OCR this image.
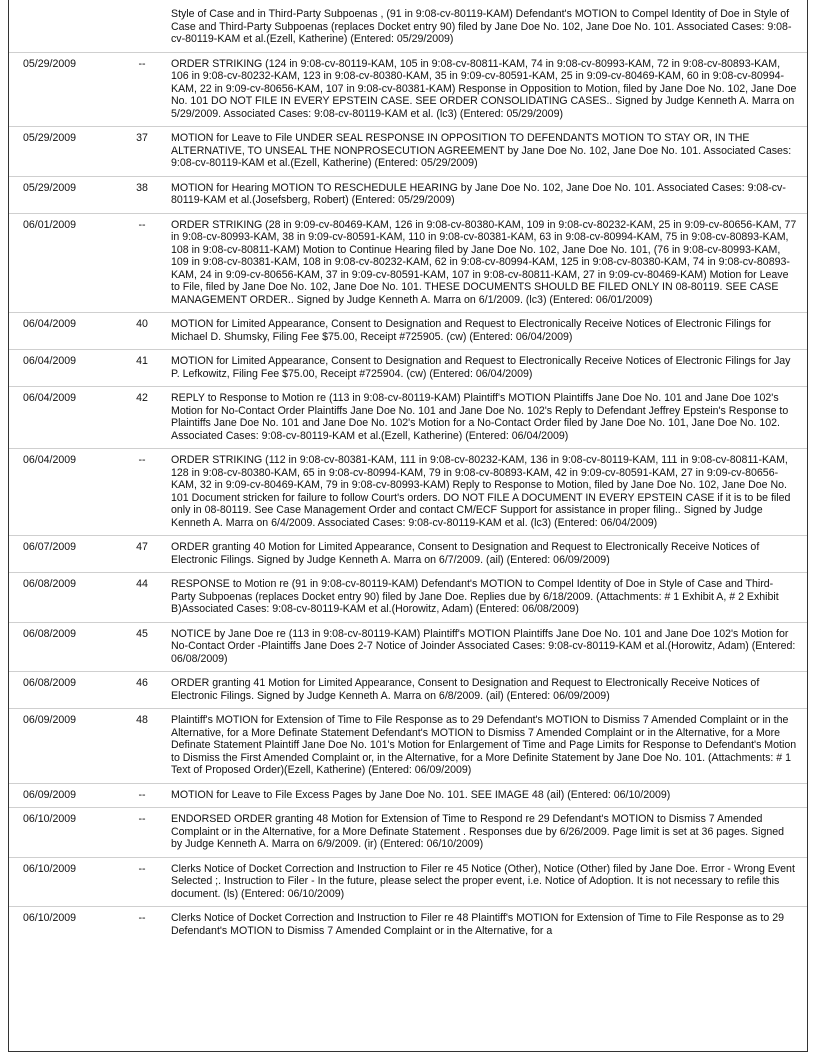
		Style of Case and in Third-Party Subpoenas , (91 in 9:08-cv-80119-KAM) Defendant's MOTION to Compel Identity of Doe in Style of Case and Third-Party Subpoenas (replaces Docket entry 90) filed by Jane Doe No. 102, Jane Doe No. 101. Associated Cases: 9:08-cv-80119-KAM et al.(Ezell, Katherine) (Entered: 05/29/2009)
05/29/2009	--	ORDER STRIKING (124 in 9:08-cv-80119-KAM, 105 in 9:08-cv-80811-KAM, 74 in 9:08-cv-80993-KAM, 72 in 9:08-cv-80893-KAM, 106 in 9:08-cv-80232-KAM, 123 in 9:08-cv-80380-KAM, 35 in 9:09-cv-80591-KAM, 25 in 9:09-cv-80469-KAM, 60 in 9:08-cv-80994-KAM, 22 in 9:09-cv-80656-KAM, 107 in 9:08-cv-80381-KAM) Response in Opposition to Motion, filed by Jane Doe No. 102, Jane Doe No. 101 DO NOT FILE IN EVERY EPSTEIN CASE. SEE ORDER CONSOLIDATING CASES.. Signed by Judge Kenneth A. Marra on 5/29/2009. Associated Cases: 9:08-cv-80119-KAM et al. (lc3) (Entered: 05/29/2009)
05/29/2009	37	MOTION for Leave to File UNDER SEAL RESPONSE IN OPPOSITION TO DEFENDANTS MOTION TO STAY OR, IN THE ALTERNATIVE, TO UNSEAL THE NONPROSECUTION AGREEMENT by Jane Doe No. 102, Jane Doe No. 101. Associated Cases: 9:08-cv-80119-KAM et al.(Ezell, Katherine) (Entered: 05/29/2009)
05/29/2009	38	MOTION for Hearing MOTION TO RESCHEDULE HEARING by Jane Doe No. 102, Jane Doe No. 101. Associated Cases: 9:08-cv-80119-KAM et al.(Josefsberg, Robert) (Entered: 05/29/2009)
06/01/2009	--	ORDER STRIKING (28 in 9:09-cv-80469-KAM, 126 in 9:08-cv-80380-KAM, 109 in 9:08-cv-80232-KAM, 25 in 9:09-cv-80656-KAM, 77 in 9:08-cv-80993-KAM, 38 in 9:09-cv-80591-KAM, 110 in 9:08-cv-80381-KAM, 63 in 9:08-cv-80994-KAM, 75 in 9:08-cv-80893-KAM, 108 in 9:08-cv-80811-KAM) Motion to Continue Hearing filed by Jane Doe No. 102, Jane Doe No. 101, (76 in 9:08-cv-80993-KAM, 109 in 9:08-cv-80381-KAM, 108 in 9:08-cv-80232-KAM, 62 in 9:08-cv-80994-KAM, 125 in 9:08-cv-80380-KAM, 74 in 9:08-cv-80893-KAM, 24 in 9:09-cv-80656-KAM, 37 in 9:09-cv-80591-KAM, 107 in 9:08-cv-80811-KAM, 27 in 9:09-cv-80469-KAM) Motion for Leave to File, filed by Jane Doe No. 102, Jane Doe No. 101. THESE DOCUMENTS SHOULD BE FILED ONLY IN 08-80119. SEE CASE MANAGEMENT ORDER.. Signed by Judge Kenneth A. Marra on 6/1/2009. (lc3) (Entered: 06/01/2009)
06/04/2009	40	MOTION for Limited Appearance, Consent to Designation and Request to Electronically Receive Notices of Electronic Filings for Michael D. Shumsky, Filing Fee $75.00, Receipt #725905. (cw) (Entered: 06/04/2009)
06/04/2009	41	MOTION for Limited Appearance, Consent to Designation and Request to Electronically Receive Notices of Electronic Filings for Jay P. Lefkowitz, Filing Fee $75.00, Receipt #725904. (cw) (Entered: 06/04/2009)
06/04/2009	42	REPLY to Response to Motion re (113 in 9:08-cv-80119-KAM) Plaintiff's MOTION Plaintiffs Jane Doe No. 101 and Jane Doe 102's Motion for No-Contact Order Plaintiffs Jane Doe No. 101 and Jane Doe No. 102's Reply to Defendant Jeffrey Epstein's Response to Plaintiffs Jane Doe No. 101 and Jane Doe No. 102's Motion for a No-Contact Order filed by Jane Doe No. 101, Jane Doe No. 102. Associated Cases: 9:08-cv-80119-KAM et al.(Ezell, Katherine) (Entered: 06/04/2009)
06/04/2009	--	ORDER STRIKING (112 in 9:08-cv-80381-KAM, 111 in 9:08-cv-80232-KAM, 136 in 9:08-cv-80119-KAM, 111 in 9:08-cv-80811-KAM, 128 in 9:08-cv-80380-KAM, 65 in 9:08-cv-80994-KAM, 79 in 9:08-cv-80893-KAM, 42 in 9:09-cv-80591-KAM, 27 in 9:09-cv-80656-KAM, 32 in 9:09-cv-80469-KAM, 79 in 9:08-cv-80993-KAM) Reply to Response to Motion, filed by Jane Doe No. 102, Jane Doe No. 101 Document stricken for failure to follow Court's orders. DO NOT FILE A DOCUMENT IN EVERY EPSTEIN CASE if it is to be filed only in 08-80119. See Case Management Order and contact CM/ECF Support for assistance in proper filing.. Signed by Judge Kenneth A. Marra on 6/4/2009. Associated Cases: 9:08-cv-80119-KAM et al. (lc3) (Entered: 06/04/2009)
06/07/2009	47	ORDER granting 40 Motion for Limited Appearance, Consent to Designation and Request to Electronically Receive Notices of Electronic Filings. Signed by Judge Kenneth A. Marra on 6/7/2009. (ail) (Entered: 06/09/2009)
06/08/2009	44	RESPONSE to Motion re (91 in 9:08-cv-80119-KAM) Defendant's MOTION to Compel Identity of Doe in Style of Case and Third-Party Subpoenas (replaces Docket entry 90) filed by Jane Doe. Replies due by 6/18/2009. (Attachments: # 1 Exhibit A, # 2 Exhibit B)Associated Cases: 9:08-cv-80119-KAM et al.(Horowitz, Adam) (Entered: 06/08/2009)
06/08/2009	45	NOTICE by Jane Doe re (113 in 9:08-cv-80119-KAM) Plaintiff's MOTION Plaintiffs Jane Doe No. 101 and Jane Doe 102's Motion for No-Contact Order -Plaintiffs Jane Does 2-7 Notice of Joinder Associated Cases: 9:08-cv-80119-KAM et al.(Horowitz, Adam) (Entered: 06/08/2009)
06/08/2009	46	ORDER granting 41 Motion for Limited Appearance, Consent to Designation and Request to Electronically Receive Notices of Electronic Filings. Signed by Judge Kenneth A. Marra on 6/8/2009. (ail) (Entered: 06/09/2009)
06/09/2009	48	Plaintiff's MOTION for Extension of Time to File Response as to 29 Defendant's MOTION to Dismiss 7 Amended Complaint or in the Alternative, for a More Definate Statement Defendant's MOTION to Dismiss 7 Amended Complaint or in the Alternative, for a More Definate Statement Plaintiff Jane Doe No. 101's Motion for Enlargement of Time and Page Limits for Response to Defendant's Motion to Dismiss the First Amended Complaint or, in the Alternative, for a More Definite Statement by Jane Doe No. 101. (Attachments: # 1 Text of Proposed Order)(Ezell, Katherine) (Entered: 06/09/2009)
06/09/2009	--	MOTION for Leave to File Excess Pages by Jane Doe No. 101. SEE IMAGE 48 (ail) (Entered: 06/10/2009)
06/10/2009	--	ENDORSED ORDER granting 48 Motion for Extension of Time to Respond re 29 Defendant's MOTION to Dismiss 7 Amended Complaint or in the Alternative, for a More Definate Statement . Responses due by 6/26/2009. Page limit is set at 36 pages. Signed by Judge Kenneth A. Marra on 6/9/2009. (ir) (Entered: 06/10/2009)
06/10/2009	--	Clerks Notice of Docket Correction and Instruction to Filer re 45 Notice (Other), Notice (Other) filed by Jane Doe. Error - Wrong Event Selected ;. Instruction to Filer - In the future, please select the proper event, i.e. Notice of Adoption. It is not necessary to refile this document. (ls) (Entered: 06/10/2009)
06/10/2009	--	Clerks Notice of Docket Correction and Instruction to Filer re 48 Plaintiff's MOTION for Extension of Time to File Response as to 29 Defendant's MOTION to Dismiss 7 Amended Complaint or in the Alternative, for a
